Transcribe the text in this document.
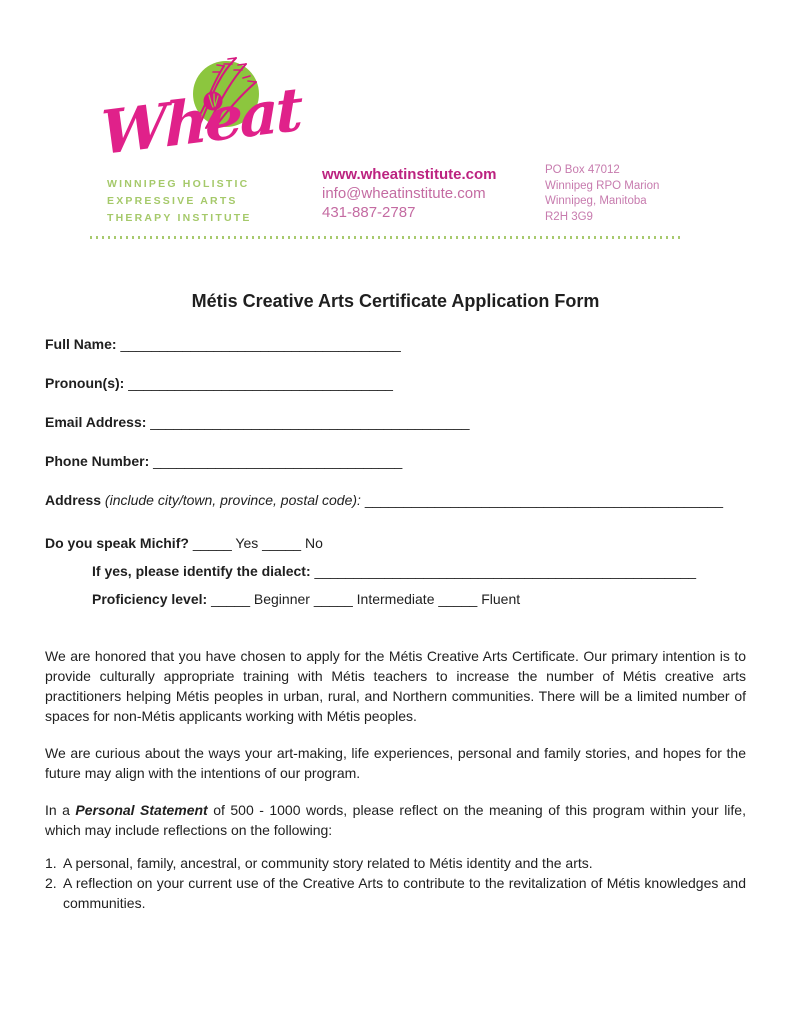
Wheat
WINNIPEG HOLISTIC
EXPRESSIVE ARTS
THERAPY INSTITUTE
www.wheatinstitute.com
info@wheatinstitute.com
431-887-2787
PO Box 47012
Winnipeg RPO Marion
Winnipeg, Manitoba
R2H 3G9
Métis Creative Arts Certificate Application Form
Full Name: ____________________________________
Pronoun(s): __________________________________
Email Address: _________________________________________
Phone Number: ________________________________
Address (include city/town, province, postal code): ______________________________________________
Do you speak Michif? _____ Yes _____ No
If yes, please identify the dialect: _________________________________________________
Proficiency level: _____ Beginner _____ Intermediate _____ Fluent

We are honored that you have chosen to apply for the Métis Creative Arts Certificate. Our primary intention is to provide culturally appropriate training with Métis teachers to increase the number of Métis creative arts practitioners helping Métis peoples in urban, rural, and Northern communities. There will be a limited number of spaces for non-Métis applicants working with Métis peoples.

We are curious about the ways your art-making, life experiences, personal and family stories, and hopes for the future may align with the intentions of our program.

In a Personal Statement of 500 - 1000 words, please reflect on the meaning of this program within your life, which may include reflections on the following:

1. A personal, family, ancestral, or community story related to Métis identity and the arts.
2. A reflection on your current use of the Creative Arts to contribute to the revitalization of Métis knowledges and communities.
